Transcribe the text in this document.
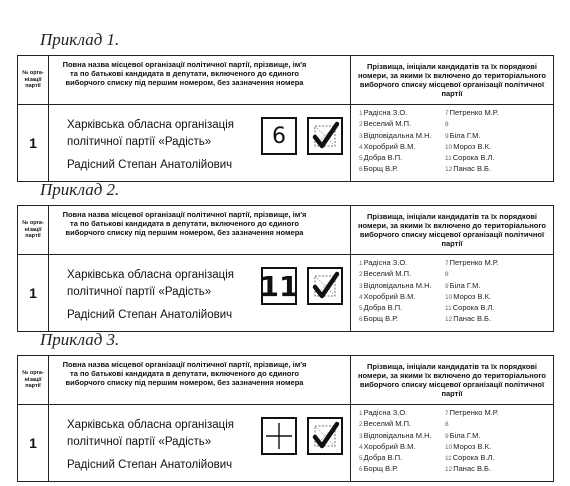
Приклад 1.
№ орга-нізації партії
Повна назва місцевої організації політичної партії, прізвище, ім'я та по батькові кандидата в депутати, включеного до єдиного виборчого списку під першим номером, без зазначення номера
Прізвища, ініціали кандидатів та їх порядкові номери, за якими їх включено до територіального виборчого списку місцевої організації політичної партії
1
Харківська обласна організація
політичної партії «Радість»
Радісний Степан Анатолійович
6
1Радісна З.О.
2Веселий М.П.
3Відповідальна М.Н.
4Хоробрий В.М.
5Добра В.П.
6Борщ В.Р.
7Петренко М.Р.
8
9Біла Г.М.
10Мороз В.К.
11Сорока В.Л.
12Панас В.Б.
Приклад 2.
№ орга-нізації партії
Повна назва місцевої організації політичної партії, прізвище, ім'я та по батькові кандидата в депутати, включеного до єдиного виборчого списку під першим номером, без зазначення номера
Прізвища, ініціали кандидатів та їх порядкові номери, за якими їх включено до територіального виборчого списку місцевої організації політичної партії
1
Харківська обласна організація
політичної партії «Радість»
Радісний Степан Анатолійович
11
1Радісна З.О.
2Веселий М.П.
3Відповідальна М.Н.
4Хоробрий В.М.
5Добра В.П.
6Борщ В.Р.
7Петренко М.Р.
8
9Біла Г.М.
10Мороз В.К.
11Сорока В.Л.
12Панас В.Б.
Приклад 3.
№ орга-нізації партії
Повна назва місцевої організації політичної партії, прізвище, ім'я та по батькові кандидата в депутати, включеного до єдиного виборчого списку під першим номером, без зазначення номера
Прізвища, ініціали кандидатів та їх порядкові номери, за якими їх включено до територіального виборчого списку місцевої організації політичної партії
1
Харківська обласна організація
політичної партії «Радість»
Радісний Степан Анатолійович
1Радісна З.О.
2Веселий М.П.
3Відповідальна М.Н.
4Хоробрий В.М.
5Добра В.П.
6Борщ В.Р.
7Петренко М.Р.
8
9Біла Г.М.
10Мороз В.К.
11Сорока В.Л.
12Панас В.Б.
